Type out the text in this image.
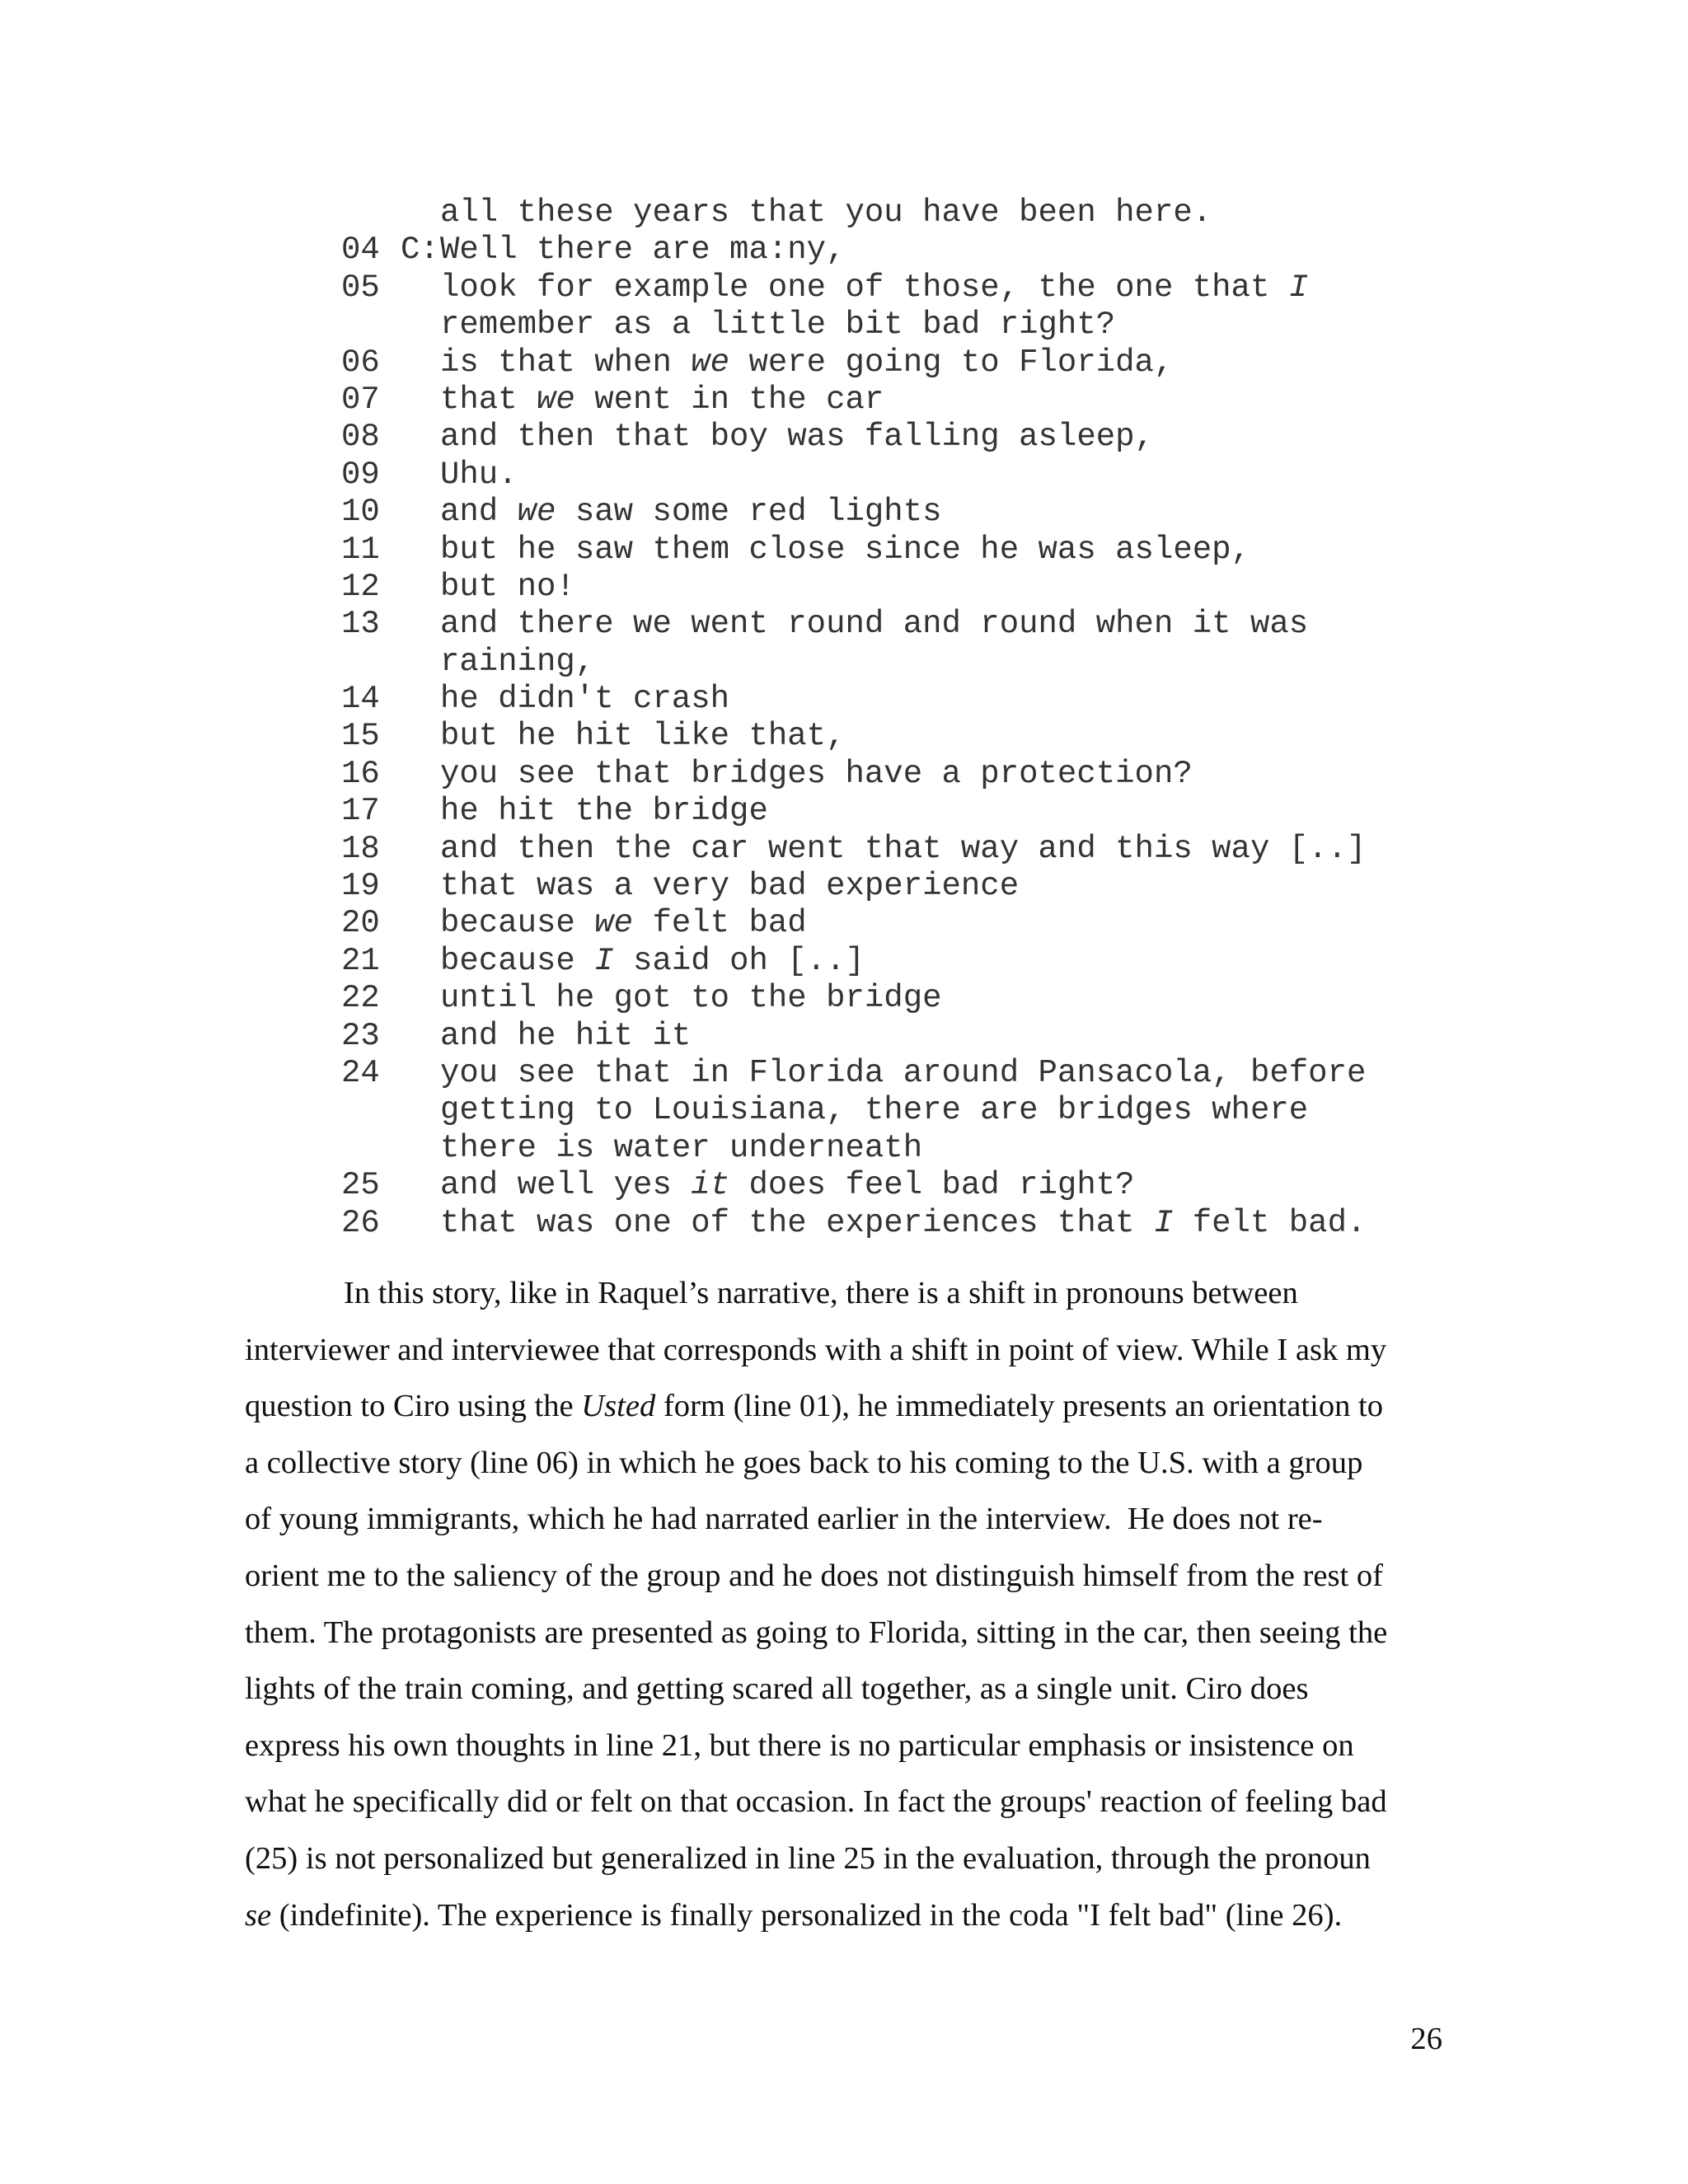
all these years that you have been here.
04 C:Well there are ma:ny,
05 look for example one of those, the one that I
remember as a little bit bad right?
06 is that when we were going to Florida,
07 that we went in the car
08 and then that boy was falling asleep,
09 Uhu.
10 and we saw some red lights
11 but he saw them close since he was asleep,
12 but no!
13 and there we went round and round when it was
raining,
14 he didn't crash
15 but he hit like that,
16 you see that bridges have a protection?
17 he hit the bridge
18 and then the car went that way and this way [..]
19 that was a very bad experience
20 because we felt bad
21 because I said oh [..]
22 until he got to the bridge
23 and he hit it
24 you see that in Florida around Pansacola, before
getting to Louisiana, there are bridges where
there is water underneath
25 and well yes it does feel bad right?
26 that was one of the experiences that I felt bad.
In this story, like in Raquel’s narrative, there is a shift in pronouns between
interviewer and interviewee that corresponds with a shift in point of view. While I ask my
question to Ciro using the Usted form (line 01), he immediately presents an orientation to
a collective story (line 06) in which he goes back to his coming to the U.S. with a group
of young immigrants, which he had narrated earlier in the interview.  He does not re-
orient me to the saliency of the group and he does not distinguish himself from the rest of
them. The protagonists are presented as going to Florida, sitting in the car, then seeing the
lights of the train coming, and getting scared all together, as a single unit. Ciro does
express his own thoughts in line 21, but there is no particular emphasis or insistence on
what he specifically did or felt on that occasion. In fact the groups' reaction of feeling bad
(25) is not personalized but generalized in line 25 in the evaluation, through the pronoun
se (indefinite). The experience is finally personalized in the coda "I felt bad" (line 26).
26
